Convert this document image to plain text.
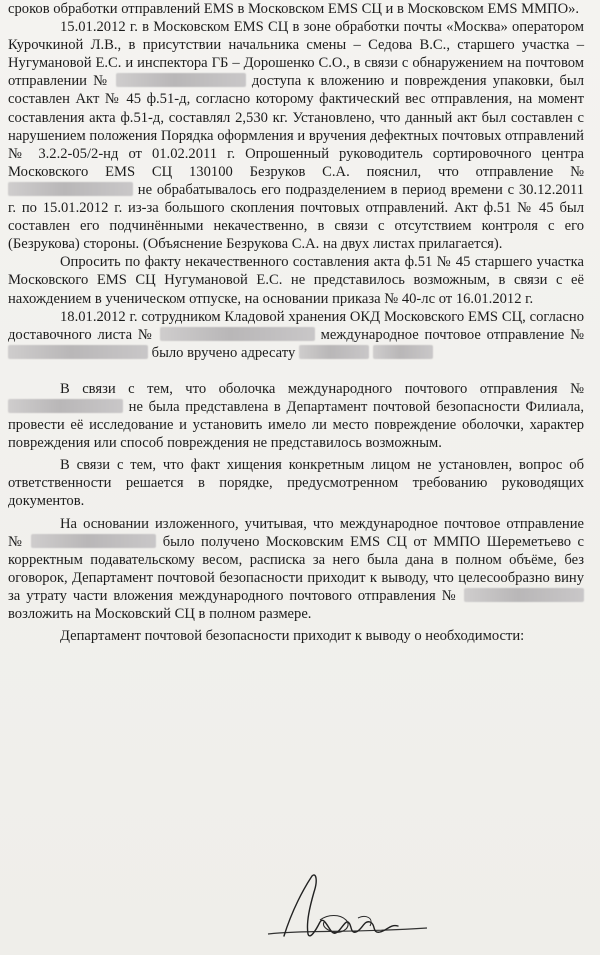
сроков обработки отправлений EMS в Московском EMS СЦ и в Московском EMS ММПО».

15.01.2012 г. в Московском EMS СЦ в зоне обработки почты «Москва» оператором Курочкиной Л.В., в присутствии начальника смены – Седова В.С., старшего участка – Нугумановой Е.С. и инспектора ГБ – Дорошенко С.О., в связи с обнаружением на почтовом отправлении №	доступа к вложению и повреждения упаковки, был составлен Акт № 45 ф.51-д, согласно которому фактический вес отправления, на момент составления акта ф.51-д, составлял 2,530 кг. Установлено, что данный акт был составлен с нарушением положения Порядка оформления и вручения дефектных почтовых отправлений № 3.2.2-05/2-нд от 01.02.2011 г. Опрошенный руководитель сортировочного центра Московского EMS СЦ 130100 Безруков С.А. пояснил, что отправление №  не обрабатывалось его подразделением в период времени с 30.12.2011 г. по 15.01.2012 г. из-за большого скопления почтовых отправлений. Акт ф.51 № 45 был составлен его подчинёнными некачественно, в связи с отсутствием контроля с его (Безрукова) стороны. (Объяснение Безрукова С.А. на двух листах прилагается).

Опросить по факту некачественного составления акта ф.51 № 45 старшего участка Московского EMS СЦ Нугумановой Е.С. не представилось возможным, в связи с её нахождением в ученическом отпуске, на основании приказа № 40-лс от 16.01.2012 г.

18.01.2012 г. сотрудником Кладовой хранения ОКД Московского EMS СЦ, согласно доставочного листа №	международное почтовое отправление №  было вручено адресату

В связи с тем, что оболочка международного почтового отправления №  не была представлена в Департамент почтовой безопасности Филиала, провести её исследование и установить имело ли место повреждение оболочки, характер повреждения или способ повреждения не представилось возможным.

В связи с тем, что факт хищения конкретным лицом не установлен, вопрос об ответственности решается в порядке, предусмотренном требованию руководящих документов.

На основании изложенного, учитывая, что международное почтовое отправление №	было получено Московским EMS СЦ от ММПО Шереметьево с корректным подавательскому весом, расписка за него была дана в полном объёме, без оговорок, Департамент почтовой безопасности приходит к выводу, что целесообразно вину за утрату части вложения международного почтового отправления №  возложить на Московский СЦ в полном размере.

Департамент почтовой безопасности приходит к выводу о необходимости:
